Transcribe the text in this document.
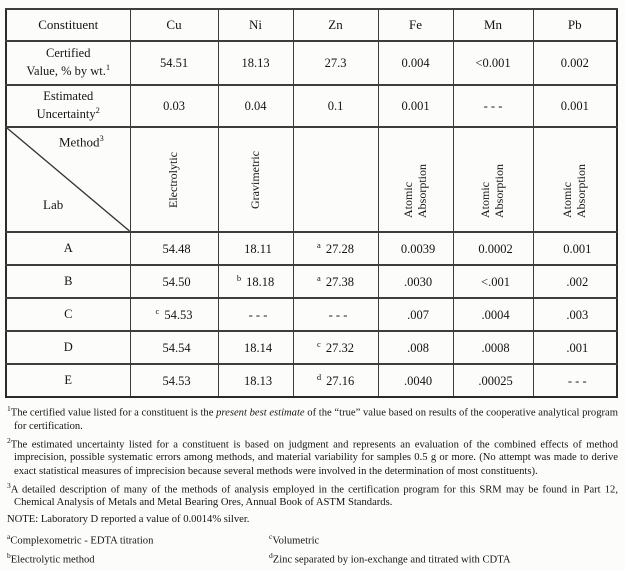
Constituent	Cu	Ni	Zn	Fe	Mn	Pb
Certified
Value, % by wt.$^1$	54.51	18.13	27.3	0.004	<0.001	0.002
Estimated
Uncertainty$^2$	0.03	0.04	0.1	0.001	- - -	0.001

Method$^3$
Lab	Electrolytic	Gravimetric		Atomic Absorption	Atomic Absorption	Atomic Absorption

A	54.48	18.11	$^a$ 27.28	0.0039	0.0002	0.001
B	54.50	$^b$ 18.18	$^a$ 27.38	.0030	<.001	.002
C	$^c$ 54.53	- - -	- - -	.007	.0004	.003
D	54.54	18.14	$^c$ 27.32	.008	.0008	.001
E	54.53	18.13	$^d$ 27.16	.0040	.00025	- - -

$^1$The certified value listed for a constituent is the present best estimate of the “true” value based on results of the cooperative analytical program for certification.

$^2$The estimated uncertainty listed for a constituent is based on judgment and represents an evaluation of the combined effects of method imprecision, possible systematic errors among methods, and material variability for samples 0.5 g or more. (No attempt was made to derive exact statistical measures of imprecision because several methods were involved in the determination of most constituents).

$^3$A detailed description of many of the methods of analysis employed in the certification program for this SRM may be found in Part 12, Chemical Analysis of Metals and Metal Bearing Ores, Annual Book of ASTM Standards.

NOTE: Laboratory D reported a value of 0.0014% silver.

$^a$Complexometric - EDTA titration

$^b$Electrolytic method

$^c$Volumetric

$^d$Zinc separated by ion-exchange and titrated with CDTA
